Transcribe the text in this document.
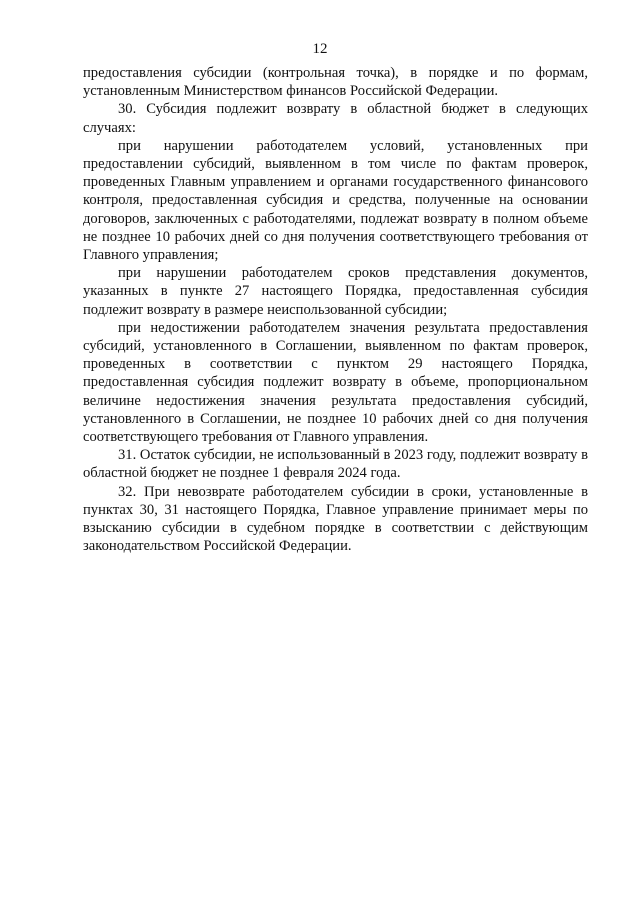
12

предоставления субсидии (контрольная точка), в порядке и по формам, установленным Министерством финансов Российской Федерации.

30. Субсидия подлежит возврату в областной бюджет в следующих случаях:

при нарушении работодателем условий, установленных при предоставлении субсидий, выявленном в том числе по фактам проверок, проведенных Главным управлением и органами государственного финансового контроля, предоставленная субсидия и средства, полученные на основании договоров, заключенных с работодателями, подлежат возврату в полном объеме не позднее 10 рабочих дней со дня получения соответствующего требования от Главного управления;

при нарушении работодателем сроков представления документов, указанных в пункте 27 настоящего Порядка, предоставленная субсидия подлежит возврату в размере неиспользованной субсидии;

при недостижении работодателем значения результата предоставления субсидий, установленного в Соглашении, выявленном по фактам проверок, проведенных в соответствии с пунктом 29 настоящего Порядка, предоставленная субсидия подлежит возврату в объеме, пропорциональном величине недостижения значения результата предоставления субсидий, установленного в Соглашении, не позднее 10 рабочих дней со дня получения соответствующего требования от Главного управления.

31. Остаток субсидии, не использованный в 2023 году, подлежит возврату в областной бюджет не позднее 1 февраля 2024 года.

32. При невозврате работодателем субсидии в сроки, установленные в пунктах 30, 31 настоящего Порядка, Главное управление принимает меры по взысканию субсидии в судебном порядке в соответствии с действующим законодательством Российской Федерации.
